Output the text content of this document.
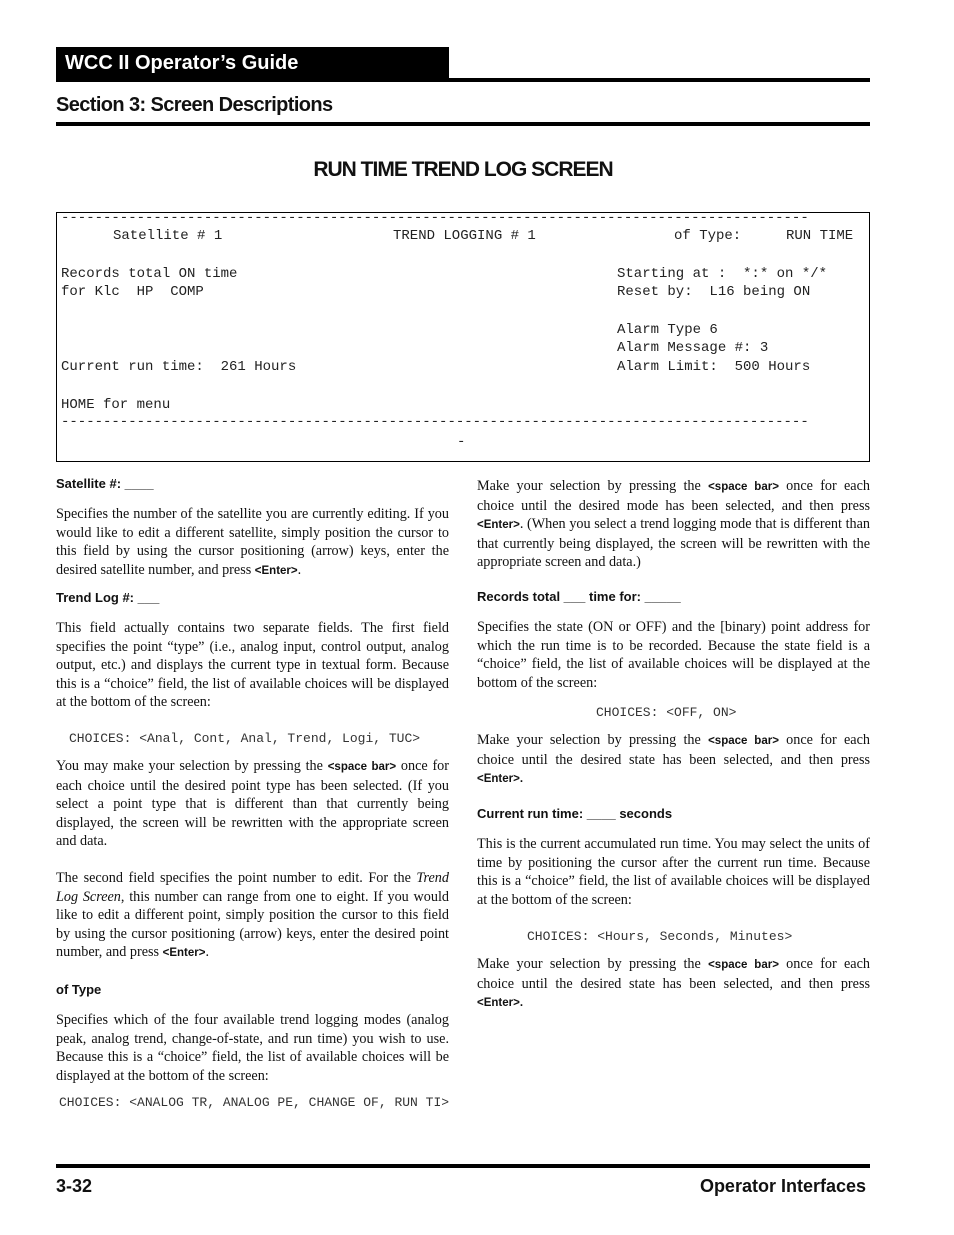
WCC II Operator’s Guide
Section 3: Screen Descriptions
RUN TIME TREND LOG SCREEN
-----------------------------------------------------------------------------------------
Satellite # 1	TREND LOGGING # 1	of Type:	RUN TIME
Records total ON time
for Klc  HP  COMP
Starting at :  *:* on */*
Reset by:  L16 being ON
Alarm Type 6
Alarm Message #: 3
Current run time:  261 Hours	Alarm Limit:  500 Hours
HOME for menu
-----------------------------------------------------------------------------------------
-
Satellite #: ____
Specifies the number of the satellite you are currently editing. If you would like to edit a different satellite, simply position the cursor to this field by using the cursor positioning (arrow) keys, enter the desired satellite number, and press <Enter>.
Trend Log #: ___
This field actually contains two separate fields. The first field specifies the point “type” (i.e., analog input, control output, analog output, etc.) and displays the current type in textual form. Because this is a “choice” field, the list of available choices will be displayed at the bottom of the screen:
CHOICES: <Anal, Cont, Anal, Trend, Logi, TUC>
You may make your selection by pressing the <space bar> once for each choice until the desired point type has been selected. (If you select a point type that is different than that currently being displayed, the screen will be rewritten with the appropriate screen and data.
The second field specifies the point number to edit. For the Trend Log Screen, this number can range from one to eight. If you would like to edit a different point, simply position the cursor to this field by using the cursor positioning (arrow) keys, enter the desired point number, and press <Enter>.
of Type
Specifies which of the four available trend logging modes (analog peak, analog trend, change-of-state, and run time) you wish to use. Because this is a “choice” field, the list of available choices will be displayed at the bottom of the screen:
CHOICES: <ANALOG TR, ANALOG PE, CHANGE OF, RUN TI>
Make your selection by pressing the <space bar> once for each choice until the desired mode has been selected, and then press <Enter>. (When you select a trend logging mode that is different than that currently being displayed, the screen will be rewritten with the appropriate screen and data.)
Records total ___ time for: _____
Specifies the state (ON or OFF) and the [binary) point address for which the run time is to be recorded. Because the state field is a “choice” field, the list of available choices will be displayed at the bottom of the screen:
CHOICES: <OFF, ON>
Make your selection by pressing the <space bar> once for each choice until the desired state has been selected, and then press <Enter>.
Current run time: ____ seconds
This is the current accumulated run time. You may select the units of time by positioning the cursor after the current run time. Because this is a “choice” field, the list of available choices will be displayed at the bottom of the screen:
CHOICES: <Hours, Seconds, Minutes>
Make your selection by pressing the <space bar> once for each choice until the desired state has been selected, and then press <Enter>.
3-32	Operator Interfaces
